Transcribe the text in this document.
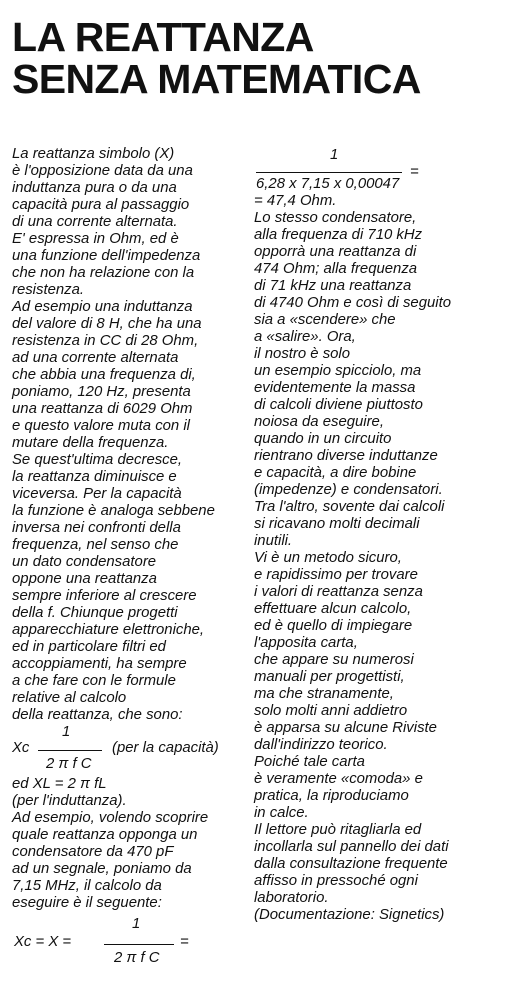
LA REATTANZA
SENZA MATEMATICA

La reattanza simbolo (X)

è l'opposizione data da una

induttanza pura o da una

capacità pura al passaggio

di una corrente alternata.

E' espressa in Ohm, ed è

una funzione dell'impedenza

che non ha relazione con la

resistenza.

Ad esempio una induttanza

del valore di 8 H, che ha una

resistenza in CC di 28 Ohm,

ad una corrente alternata

che abbia una frequenza di,

poniamo, 120 Hz, presenta

una reattanza di 6029 Ohm

e questo valore muta con il

mutare della frequenza.

Se quest'ultima decresce,

la reattanza diminuisce e

viceversa. Per la capacità

la funzione è analoga sebbene

inversa nei confronti della

frequenza, nel senso che

un dato condensatore

oppone una reattanza

sempre inferiore al crescere

della f. Chiunque progetti

apparecchiature elettroniche,

ed in particolare filtri ed

accoppiamenti, ha sempre

a che fare con le formule

relative al calcolo

della reattanza, che sono:

1
Xc	(per la capacità)
2 π f C

ed XL = 2 π fL

(per l'induttanza).

Ad esempio, volendo scoprire

quale reattanza opponga un

condensatore da 470 pF

ad un segnale, poniamo da

7,15 MHz, il calcolo da

eseguire è il seguente:

1
Xc = X =	=
2 π f C
1
=
6,28 x 7,15 x 0,00047

= 47,4 Ohm.

Lo stesso condensatore,

alla frequenza di 710 kHz

opporrà una reattanza di

474 Ohm; alla frequenza

di 71 kHz una reattanza

di 4740 Ohm e così di seguito

sia a «scendere» che

a «salire». Ora,

il nostro è solo

un esempio spicciolo, ma

evidentemente la massa

di calcoli diviene piuttosto

noiosa da eseguire,

quando in un circuito

rientrano diverse induttanze

e capacità, a dire bobine

(impedenze) e condensatori.

Tra l'altro, sovente dai calcoli

si ricavano molti decimali

inutili.

Vi è un metodo sicuro,

e rapidissimo per trovare

i valori di reattanza senza

effettuare alcun calcolo,

ed è quello di impiegare

l'apposita carta,

che appare su numerosi

manuali per progettisti,

ma che stranamente,

solo molti anni addietro

è apparsa su alcune Riviste

dall'indirizzo teorico.

Poiché tale carta

è veramente «comoda» e

pratica, la riproduciamo

in calce.

Il lettore può ritagliarla ed

incollarla sul pannello dei dati

dalla consultazione frequente

affisso in pressoché ogni

laboratorio.

(Documentazione: Signetics)
